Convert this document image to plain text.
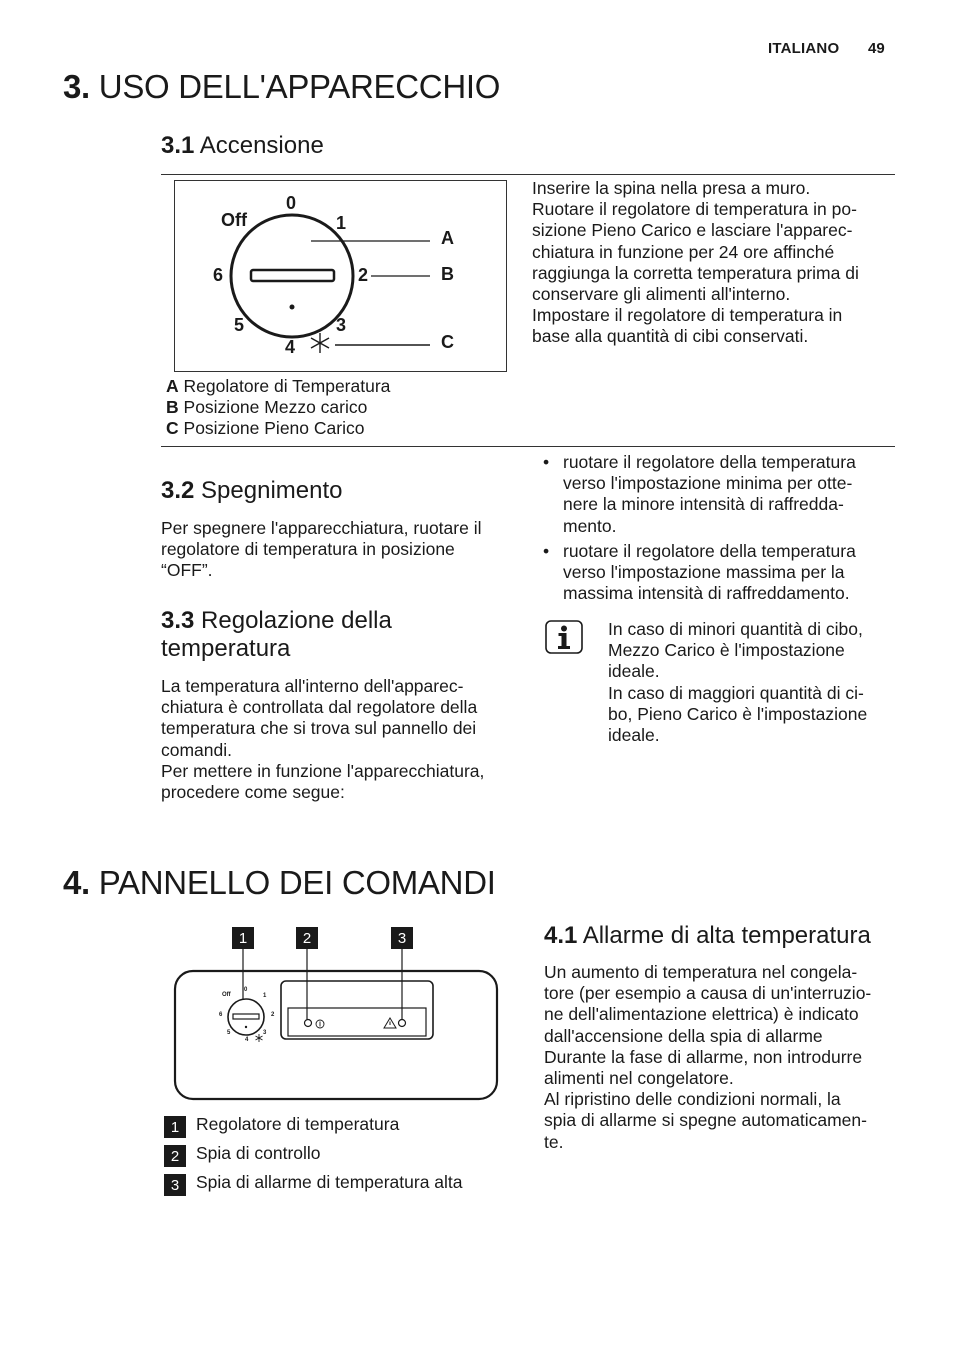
ITALIANO 49
3. USO DELL'APPARECCHIO
3.1 Accensione
Off
0
1
2
3
4
5
6
A
B
C
A Regolatore di Temperatura
B Posizione Mezzo carico
C Posizione Pieno Carico
Inserire la spina nella presa a muro.
Ruotare il regolatore di temperatura in po-
sizione Pieno Carico e lasciare l'apparec-
chiatura in funzione per 24 ore affinché
raggiunga la corretta temperatura prima di
conservare gli alimenti all'interno.
Impostare il regolatore di temperatura in
base alla quantità di cibi conservati.
3.2 Spegnimento
Per spegnere l'apparecchiatura, ruotare il
regolatore di temperatura in posizione
“OFF”.
3.3 Regolazione della
temperatura
La temperatura all'interno dell'apparec-
chiatura è controllata dal regolatore della
temperatura che si trova sul pannello dei
comandi.
Per mettere in funzione l'apparecchiatura,
procedere come segue:
• ruotare il regolatore della temperatura
verso l'impostazione minima per otte-
nere la minore intensità di raffredda-
mento.
• ruotare il regolatore della temperatura
verso l'impostazione massima per la
massima intensità di raffreddamento.
In caso di minori quantità di cibo,
Mezzo Carico è l'impostazione
ideale.
In caso di maggiori quantità di ci-
bo, Pieno Carico è l'impostazione
ideale.
4. PANNELLO DEI COMANDI
Off
0
1
2
3
4
5
6
1	2	3
1 Regolatore di temperatura
2 Spia di controllo
3 Spia di allarme di temperatura alta
4.1 Allarme di alta temperatura
Un aumento di temperatura nel congela-
tore (per esempio a causa di un'interruzio-
ne dell'alimentazione elettrica) è indicato
dall'accensione della spia di allarme
Durante la fase di allarme, non introdurre
alimenti nel congelatore.
Al ripristino delle condizioni normali, la
spia di allarme si spegne automaticamen-
te.
